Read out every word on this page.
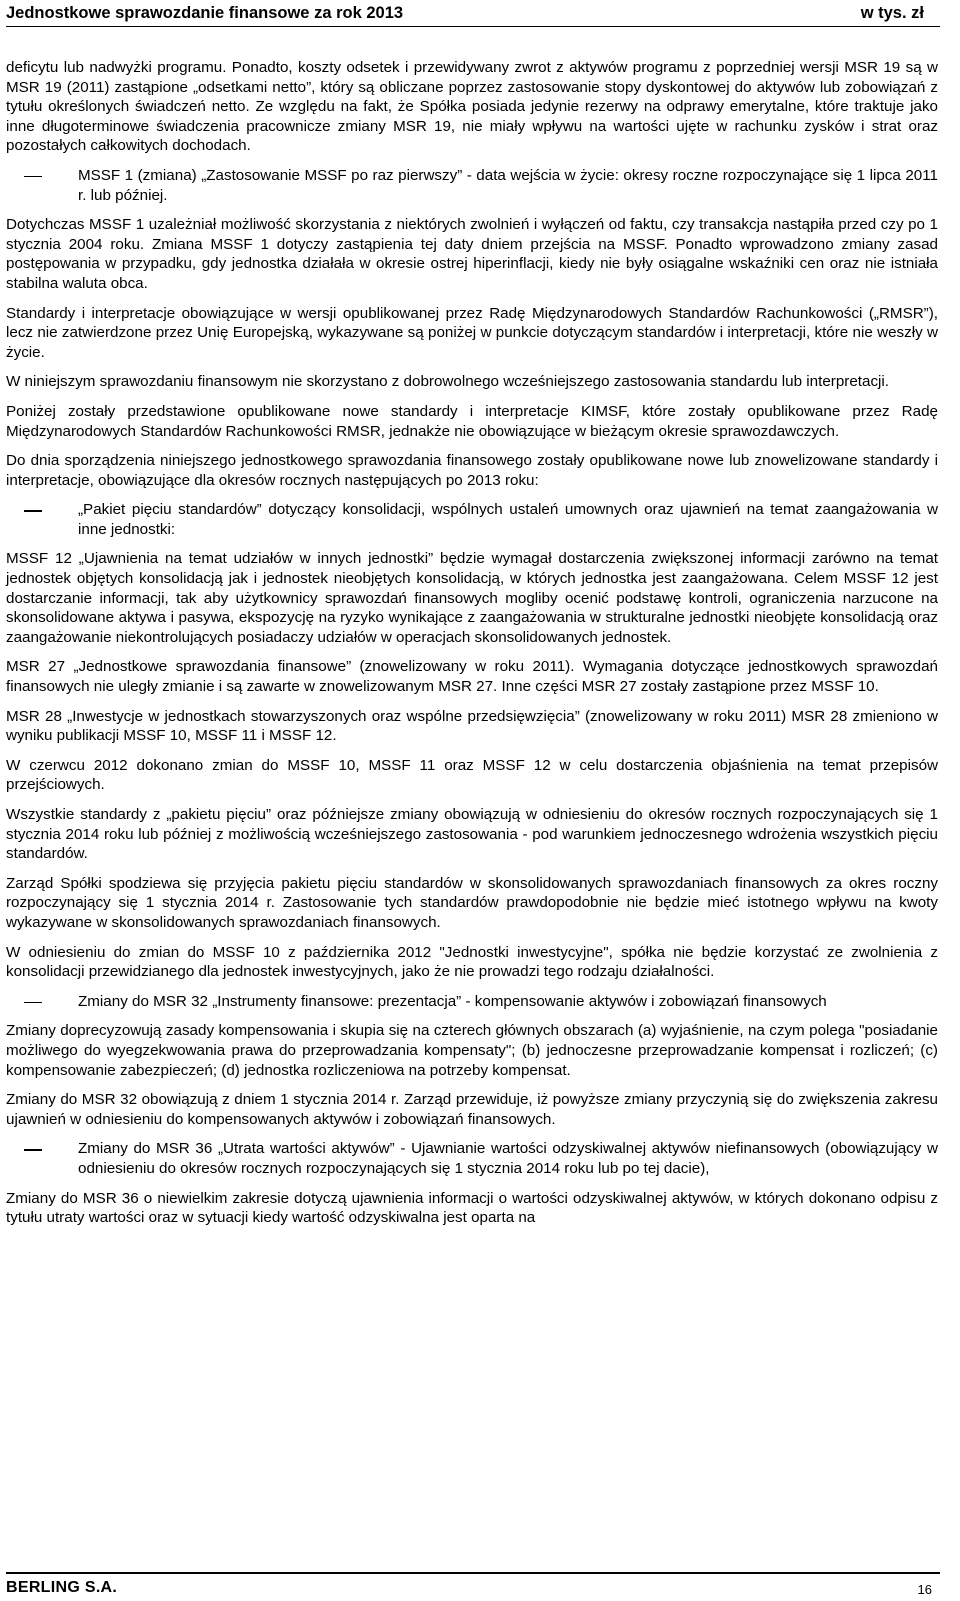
Jednostkowe sprawozdanie finansowe za rok 2013	w tys. zł

deficytu lub nadwyżki programu. Ponadto, koszty odsetek i przewidywany zwrot z aktywów programu z poprzedniej wersji MSR 19 są w MSR 19 (2011) zastąpione „odsetkami netto”, który są obliczane poprzez zastosowanie stopy dyskontowej do aktywów lub zobowiązań z tytułu określonych świadczeń netto. Ze względu na fakt, że Spółka posiada jedynie rezerwy na odprawy emerytalne, które traktuje jako inne długoterminowe świadczenia pracownicze zmiany MSR 19, nie miały wpływu na wartości ujęte w rachunku zysków i strat oraz pozostałych całkowitych dochodach.

MSSF 1 (zmiana) „Zastosowanie MSSF po raz pierwszy” - data wejścia w życie: okresy roczne rozpoczynające się 1 lipca 2011 r. lub później.

Dotychczas MSSF 1 uzależniał możliwość skorzystania z niektórych zwolnień i wyłączeń od faktu, czy transakcja nastąpiła przed czy po 1 stycznia 2004 roku. Zmiana MSSF 1 dotyczy zastąpienia tej daty dniem przejścia na MSSF. Ponadto wprowadzono zmiany zasad postępowania w przypadku, gdy jednostka działała w okresie ostrej hiperinflacji, kiedy nie były osiągalne wskaźniki cen oraz nie istniała stabilna waluta obca.

Standardy i interpretacje obowiązujące w wersji opublikowanej przez Radę Międzynarodowych Standardów Rachunkowości („RMSR”), lecz nie zatwierdzone przez Unię Europejską, wykazywane są poniżej w punkcie dotyczącym standardów i interpretacji, które nie weszły w życie.

W niniejszym sprawozdaniu finansowym nie skorzystano z dobrowolnego wcześniejszego zastosowania standardu lub interpretacji.

Poniżej zostały przedstawione opublikowane nowe standardy i interpretacje KIMSF, które zostały opublikowane przez Radę Międzynarodowych Standardów Rachunkowości RMSR, jednakże nie obowiązujące w bieżącym okresie sprawozdawczych.

Do dnia sporządzenia niniejszego jednostkowego sprawozdania finansowego zostały opublikowane nowe lub znowelizowane standardy i interpretacje, obowiązujące dla okresów rocznych następujących po 2013 roku:

„Pakiet pięciu standardów” dotyczący konsolidacji, wspólnych ustaleń umownych oraz ujawnień na temat zaangażowania w inne jednostki:

MSSF 12 „Ujawnienia na temat udziałów w innych jednostki” będzie wymagał dostarczenia zwiększonej informacji zarówno na temat jednostek objętych konsolidacją jak i jednostek nieobjętych konsolidacją, w których jednostka jest zaangażowana. Celem MSSF 12 jest dostarczanie informacji, tak aby użytkownicy sprawozdań finansowych mogliby ocenić podstawę kontroli, ograniczenia narzucone na skonsolidowane aktywa i pasywa, ekspozycję na ryzyko wynikające z zaangażowania w strukturalne jednostki nieobjęte konsolidacją oraz zaangażowanie niekontrolujących posiadaczy udziałów w operacjach skonsolidowanych jednostek.

MSR 27 „Jednostkowe sprawozdania finansowe” (znowelizowany w roku 2011). Wymagania dotyczące jednostkowych sprawozdań finansowych nie uległy zmianie i są zawarte w znowelizowanym MSR 27. Inne części MSR 27 zostały zastąpione przez MSSF 10.

MSR 28 „Inwestycje w jednostkach stowarzyszonych oraz wspólne przedsięwzięcia” (znowelizowany w roku 2011) MSR 28 zmieniono w wyniku publikacji MSSF 10, MSSF 11 i MSSF 12.

W czerwcu 2012 dokonano zmian do MSSF 10, MSSF 11 oraz MSSF 12 w celu dostarczenia objaśnienia na temat przepisów przejściowych.

Wszystkie standardy z „pakietu pięciu” oraz późniejsze zmiany obowiązują w odniesieniu do okresów rocznych rozpoczynających się 1 stycznia 2014 roku lub później z możliwością wcześniejszego zastosowania - pod warunkiem jednoczesnego wdrożenia wszystkich pięciu standardów.

Zarząd Spółki spodziewa się przyjęcia pakietu pięciu standardów w skonsolidowanych sprawozdaniach finansowych za okres roczny rozpoczynający się 1 stycznia 2014 r. Zastosowanie tych standardów prawdopodobnie nie będzie mieć istotnego wpływu na kwoty wykazywane w skonsolidowanych sprawozdaniach finansowych.

W odniesieniu do zmian do MSSF 10 z października 2012 "Jednostki inwestycyjne", spółka nie będzie korzystać ze zwolnienia z konsolidacji przewidzianego dla jednostek inwestycyjnych, jako że nie prowadzi tego rodzaju działalności.

Zmiany do MSR 32 „Instrumenty finansowe: prezentacja” - kompensowanie aktywów i zobowiązań finansowych

Zmiany doprecyzowują zasady kompensowania i skupia się na czterech głównych obszarach (a) wyjaśnienie, na czym polega "posiadanie możliwego do wyegzekwowania prawa do przeprowadzania kompensaty"; (b) jednoczesne przeprowadzanie kompensat i rozliczeń; (c) kompensowanie zabezpieczeń; (d) jednostka rozliczeniowa na potrzeby kompensat.

Zmiany do MSR 32 obowiązują z dniem 1 stycznia 2014 r. Zarząd przewiduje, iż powyższe zmiany przyczynią się do zwiększenia zakresu ujawnień w odniesieniu do kompensowanych aktywów i zobowiązań finansowych.

Zmiany do MSR 36 „Utrata wartości aktywów” - Ujawnianie wartości odzyskiwalnej aktywów niefinansowych (obowiązujący w odniesieniu do okresów rocznych rozpoczynających się 1 stycznia 2014 roku lub po tej dacie),

Zmiany do MSR 36 o niewielkim zakresie dotyczą ujawnienia informacji o wartości odzyskiwalnej aktywów, w których dokonano odpisu z tytułu utraty wartości oraz w sytuacji kiedy wartość odzyskiwalna jest oparta na

BERLING S.A.	16
